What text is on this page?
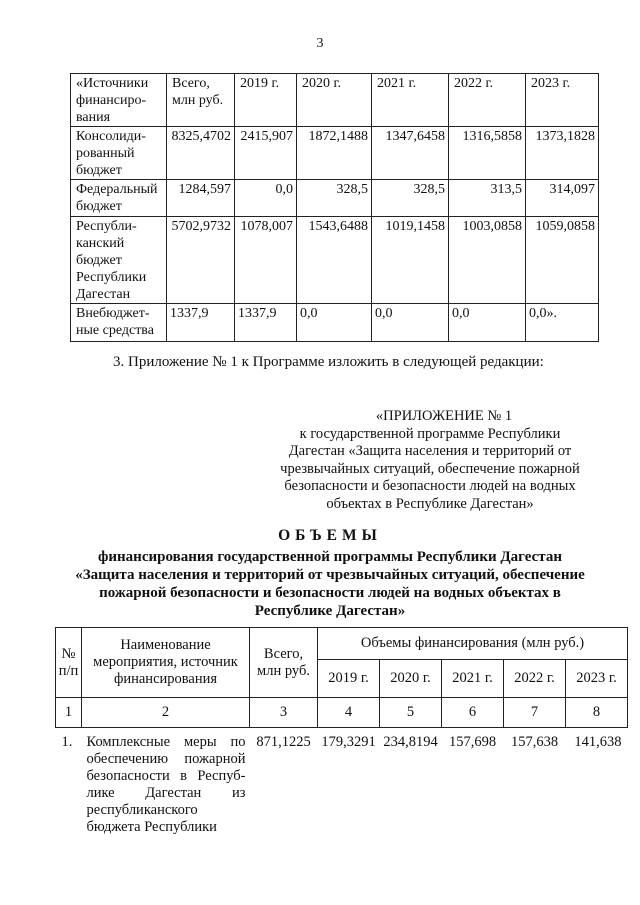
3
«Источники финансирования	Всего, млн руб.	2019 г.	2020 г.	2021 г.	2022 г.	2023 г.
Консолидированный бюджет	8325,4702	2415,907	1872,1488	1347,6458	1316,5858	1373,1828
Федеральный бюджет	1284,597	0,0	328,5	328,5	313,5	314,097
Республиканский бюджет Республики Дагестан	5702,9732	1078,007	1543,6488	1019,1458	1003,0858	1059,0858
Внебюджетные средства	1337,9	1337,9	0,0	0,0	0,0	0,0».
3. Приложение № 1 к Программе изложить в следующей редакции:
«ПРИЛОЖЕНИЕ № 1
к государственной программе Республики
Дагестан «Защита населения и территорий от
чрезвычайных ситуаций, обеспечение пожарной
безопасности и безопасности людей на водных
объектах в Республике Дагестан»
ОБЪЕМЫ
финансирования государственной программы Республики Дагестан
«Защита населения и территорий от чрезвычайных ситуаций, обеспечение
пожарной безопасности и безопасности людей на водных объектах в
Республике Дагестан»
№ п/п	Наименование мероприятия, источник финансирования	Всего, млн руб.	Объемы финансирования (млн руб.)				
			2019 г.	2020 г.	2021 г.	2022 г.	2023 г.
1	2	3	4	5	6	7	8
1.	Комплексные меры по обеспечению пожарной безопасности в Республике Дагестан из республиканского бюджета Республики	871,1225	179,3291	234,8194	157,698	157,638	141,638
